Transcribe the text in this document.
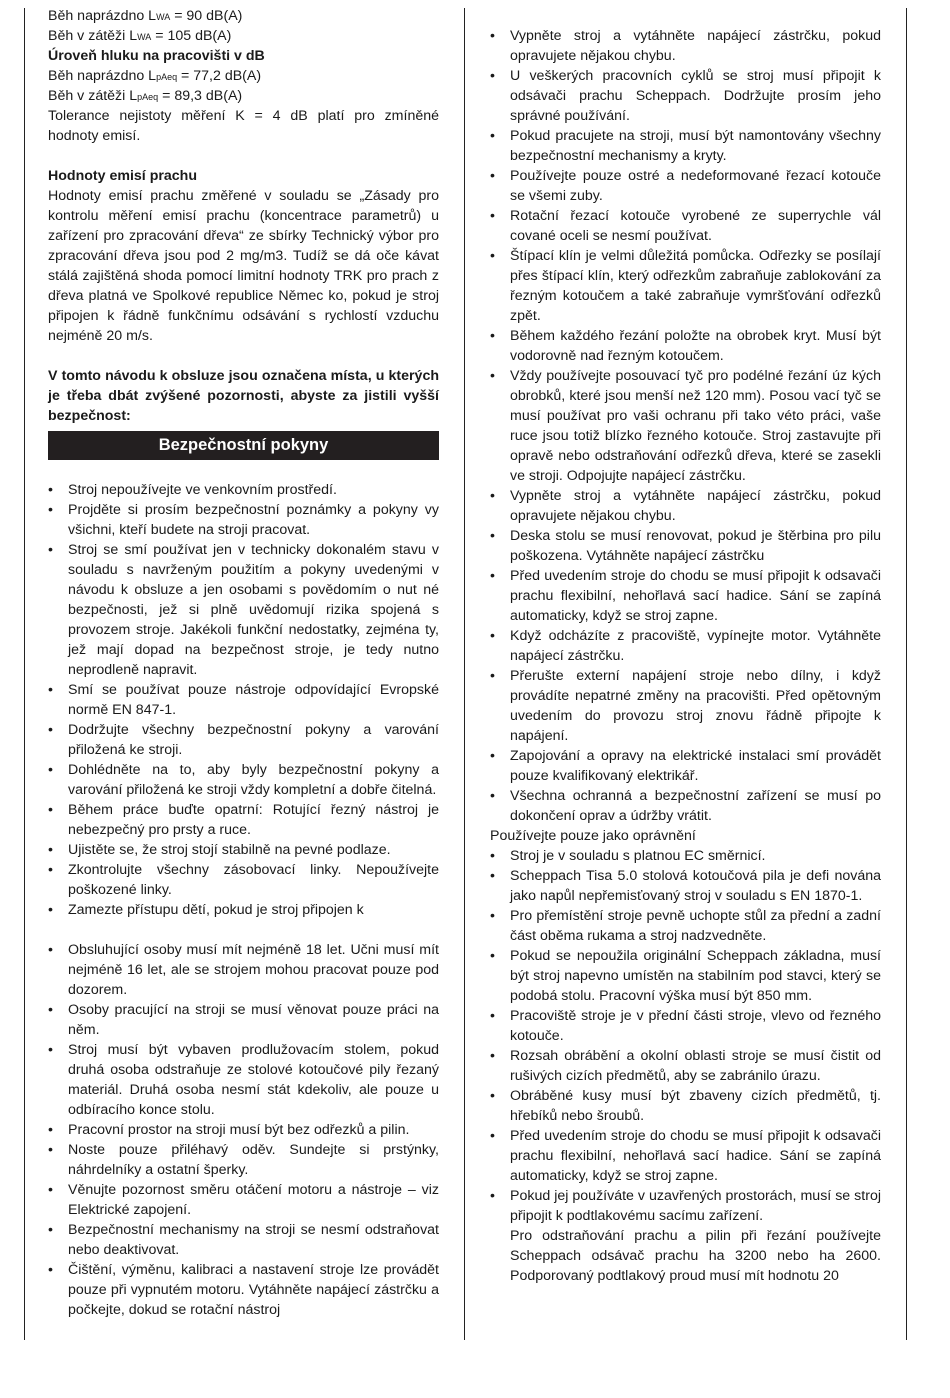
Běh naprázdno LWA = 90 dB(A)
Běh v zátěži LWA = 105 dB(A)
Úroveň hluku na pracovišti v dB
Běh naprázdno LpAeq = 77,2 dB(A)
Běh v zátěži LpAeq = 89,3 dB(A)

Tolerance nejistoty měření K = 4 dB platí pro zmíněné hodnoty emisí.

Hodnoty emisí prachu

Hodnoty emisí prachu změřené v souladu se „Zásady pro kontrolu měření emisí prachu (koncentrace parametrů) u zařízení pro zpracování dřeva“ ze sbírky Technický výbor pro zpracování dřeva jsou pod 2 mg/m3. Tudíž se dá oče kávat stálá zajištěná shoda pomocí limitní hodnoty TRK pro prach z dřeva platná ve Spolkové republice Němec ko, pokud je stroj připojen k řádně funkčnímu odsávání s rychlostí vzduchu nejméně 20 m/s.

V tomto návodu k obsluze jsou označena místa, u kterých je třeba dbát zvýšené pozornosti, abyste za jistili vyšší bezpečnost:

Bezpečnostní pokyny
• Stroj nepoužívejte ve venkovním prostředí.
• Projděte si prosím bezpečnostní poznámky a pokyny vy všichni, kteří budete na stroji pracovat.
• Stroj se smí používat jen v technicky dokonalém stavu v souladu s navrženým použitím a pokyny uvedenými v návodu k obsluze a jen osobami s povědomím o nut né bezpečnosti, jež si plně uvědomují rizika spojená s provozem stroje. Jakékoli funkční nedostatky, zejména ty, jež mají dopad na bezpečnost stroje, je tedy nutno neprodleně napravit.
• Smí se používat pouze nástroje odpovídající Evropské normě EN 847-1.
• Dodržujte všechny bezpečnostní pokyny a varování přiložená ke stroji.
• Dohlédněte na to, aby byly bezpečnostní pokyny a varování přiložená ke stroji vždy kompletní a dobře čitelná.
• Během práce buďte opatrní: Rotující řezný nástroj je nebezpečný pro prsty a ruce.
• Ujistěte se, že stroj stojí stabilně na pevné podlaze.
• Zkontrolujte všechny zásobovací linky. Nepoužívejte poškozené linky.
• Zamezte přístupu dětí, pokud je stroj připojen k
• Obsluhující osoby musí mít nejméně 18 let. Učni musí mít nejméně 16 let, ale se strojem mohou pracovat pouze pod dozorem.
• Osoby pracující na stroji se musí věnovat pouze práci na něm.
• Stroj musí být vybaven prodlužovacím stolem, pokud druhá osoba odstraňuje ze stolové kotoučové pily řezaný materiál. Druhá osoba nesmí stát kdekoliv, ale pouze u odbíracího konce stolu.
• Pracovní prostor na stroji musí být bez odřezků a pilin.
• Noste pouze přiléhavý oděv. Sundejte si prstýnky, náhrdelníky a ostatní šperky.
• Věnujte pozornost směru otáčení motoru a nástroje – viz Elektrické zapojení.
• Bezpečnostní mechanismy na stroji se nesmí odstraňovat nebo deaktivovat.
• Čištění, výměnu, kalibraci a nastavení stroje lze provádět pouze při vypnutém motoru. Vytáhněte napájecí zástrčku a počkejte, dokud se rotační nástroj
• Vypněte stroj a vytáhněte napájecí zástrčku, pokud opravujete nějakou chybu.
• U veškerých pracovních cyklů se stroj musí připojit k odsávači prachu Scheppach. Dodržujte prosím jeho správné používání.
• Pokud pracujete na stroji, musí být namontovány všechny bezpečnostní mechanismy a kryty.
• Používejte pouze ostré a nedeformované řezací kotouče se všemi zuby.
• Rotační řezací kotouče vyrobené ze superrychle vál cované oceli se nesmí používat.
• Štípací klín je velmi důležitá pomůcka. Odřezky se posílají přes štípací klín, který odřezkům zabraňuje zablokování za řezným kotoučem a také zabraňuje vymršťování odřezků zpět.
• Během každého řezání položte na obrobek kryt. Musí být vodorovně nad řezným kotoučem.
• Vždy používejte posouvací tyč pro podélné řezání úz kých obrobků, které jsou menší než 120 mm). Posou vací tyč se musí používat pro vaši ochranu při tako véto práci, vaše ruce jsou totiž blízko řezného kotouče. Stroj zastavujte při opravě nebo odstraňování odřezků dřeva, které se zasekli ve stroji. Odpojujte napájecí zástrčku.
• Vypněte stroj a vytáhněte napájecí zástrčku, pokud opravujete nějakou chybu.
• Deska stolu se musí renovovat, pokud je štěrbina pro pilu poškozena. Vytáhněte napájecí zástrčku
• Před uvedením stroje do chodu se musí připojit k odsavači prachu flexibilní, nehořlavá sací hadice. Sání se zapíná automaticky, když se stroj zapne.
• Když odcházíte z pracoviště, vypínejte motor. Vytáhněte napájecí zástrčku.
• Přerušte externí napájení stroje nebo dílny, i když provádíte nepatrné změny na pracovišti. Před opětovným uvedením do provozu stroj znovu řádně připojte k napájení.
• Zapojování a opravy na elektrické instalaci smí provádět pouze kvalifikovaný elektrikář.
• Všechna ochranná a bezpečnostní zařízení se musí po dokončení oprav a údržby vrátit.
Používejte pouze jako oprávnění
• Stroj je v souladu s platnou EC směrnicí.
• Scheppach Tisa 5.0 stolová kotoučová pila je defi novánа jako napůl nepřemisťovaný stroj v souladu s EN 1870-1.
• Pro přemístění stroje pevně uchopte stůl za přední a zadní část oběma rukama a stroj nadzvedněte.
• Pokud se nepoužila originální Scheppach základna, musí být stroj napevno umístěn na stabilním pod stavci, který se podobá stolu. Pracovní výška musí být 850 mm.
• Pracoviště stroje je v přední části stroje, vlevo od řezného kotouče.
• Rozsah obrábění a okolní oblasti stroje se musí čistit od rušivých cizích předmětů, aby se zabránilo úrazu.
• Obráběné kusy musí být zbaveny cizích předmětů, tj. hřebíků nebo šroubů.
• Před uvedením stroje do chodu se musí připojit k odsavači prachu flexibilní, nehořlavá sací hadice. Sání se zapíná automaticky, když se stroj zapne.
• Pokud jej používáte v uzavřených prostorách, musí se stroj připojit k podtlakovému sacímu zařízení.
Pro odstraňování prachu a pilin při řezání používejte Scheppach odsávač prachu ha 3200 nebo ha 2600. Podporovaný podtlakový proud musí mít hodnotu 20
